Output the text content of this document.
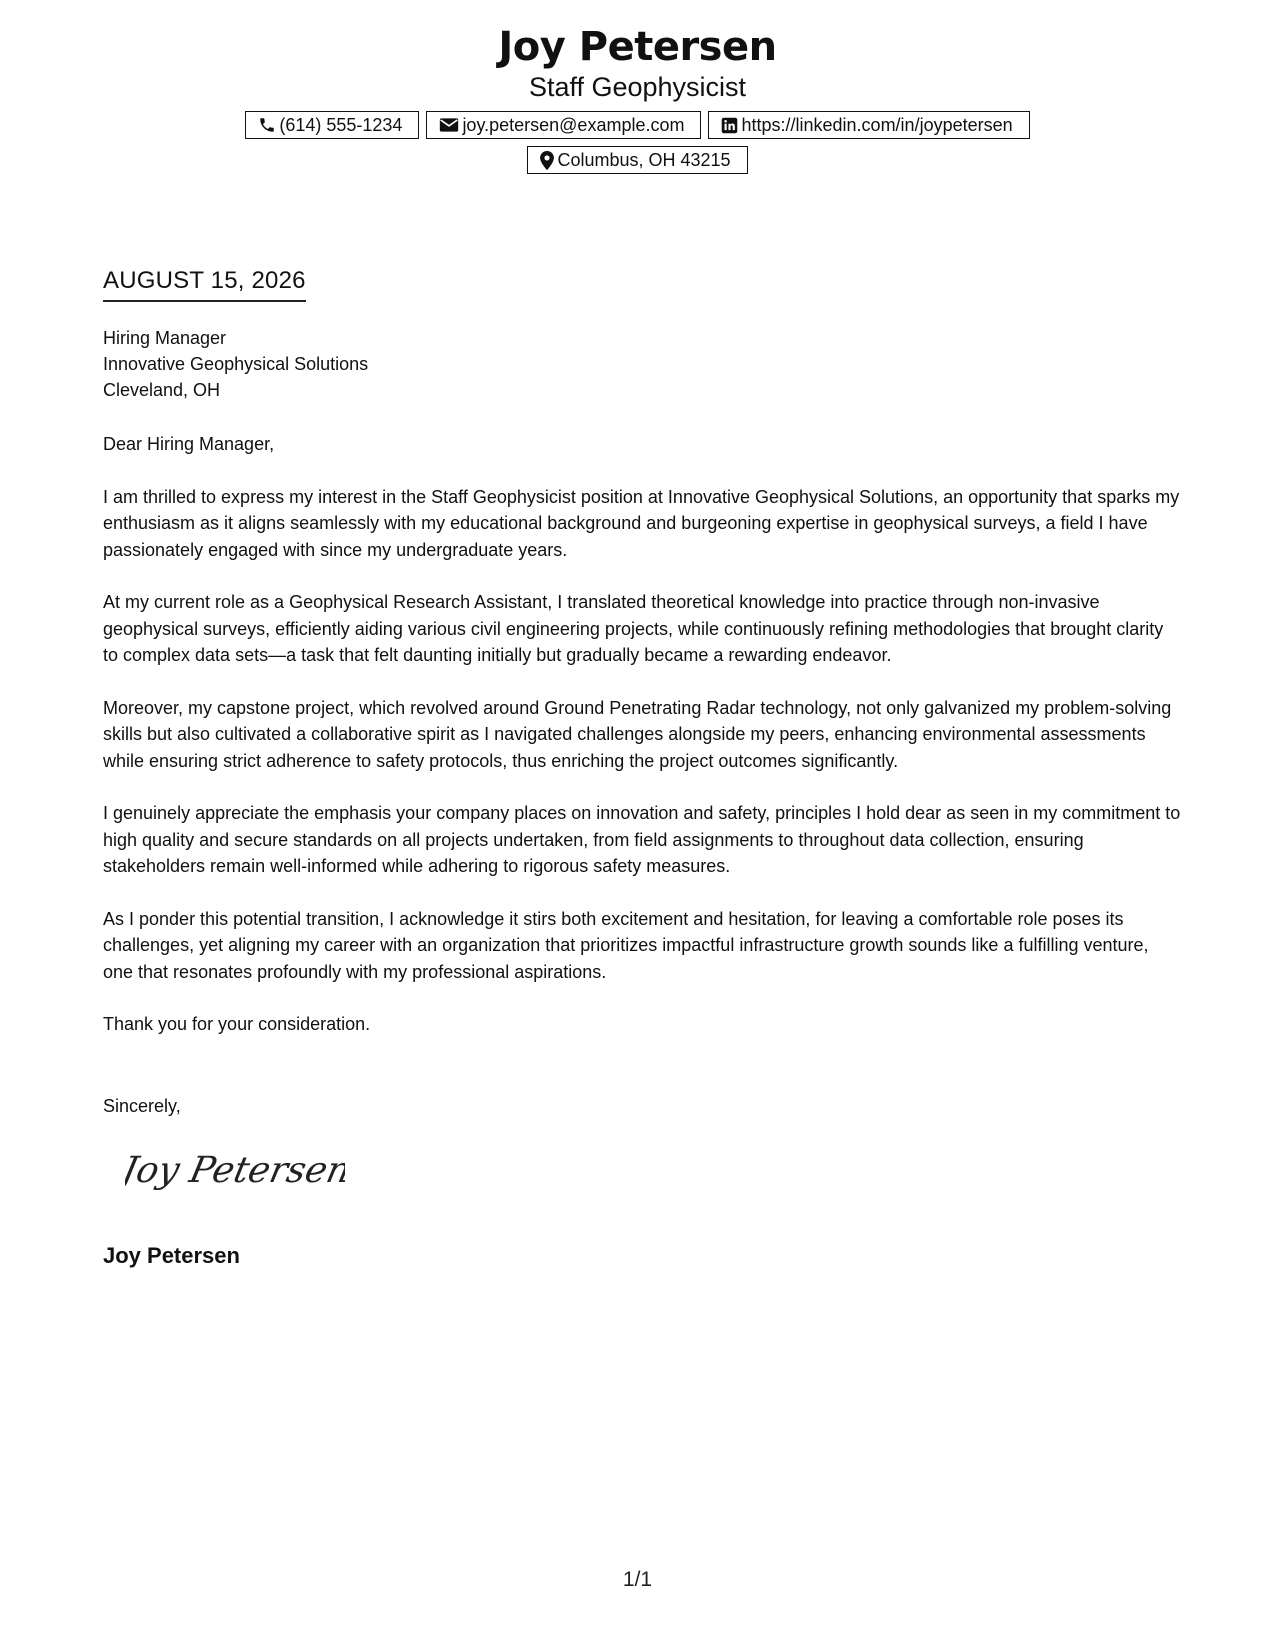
Joy Petersen
Staff Geophysicist
(614) 555-1234	joy.petersen@example.com	https://linkedin.com/in/joypetersen
Columbus, OH 43215
AUGUST 15, 2026
Hiring Manager
Innovative Geophysical Solutions
Cleveland, OH

Dear Hiring Manager,

I am thrilled to express my interest in the Staff Geophysicist position at Innovative Geophysical Solutions, an opportunity that sparks my enthusiasm as it aligns seamlessly with my educational background and burgeoning expertise in geophysical surveys, a field I have passionately engaged with since my undergraduate years.

At my current role as a Geophysical Research Assistant, I translated theoretical knowledge into practice through non-invasive geophysical surveys, efficiently aiding various civil engineering projects, while continuously refining methodologies that brought clarity to complex data sets—a task that felt daunting initially but gradually became a rewarding endeavor.

Moreover, my capstone project, which revolved around Ground Penetrating Radar technology, not only galvanized my problem-solving skills but also cultivated a collaborative spirit as I navigated challenges alongside my peers, enhancing environmental assessments while ensuring strict adherence to safety protocols, thus enriching the project outcomes significantly.

I genuinely appreciate the emphasis your company places on innovation and safety, principles I hold dear as seen in my commitment to high quality and secure standards on all projects undertaken, from field assignments to throughout data collection, ensuring stakeholders remain well-informed while adhering to rigorous safety measures.

As I ponder this potential transition, I acknowledge it stirs both excitement and hesitation, for leaving a comfortable role poses its challenges, yet aligning my career with an organization that prioritizes impactful infrastructure growth sounds like a fulfilling venture, one that resonates profoundly with my professional aspirations.

Thank you for your consideration.

Sincerely,
Joy Petersen
Joy Petersen
1/1
